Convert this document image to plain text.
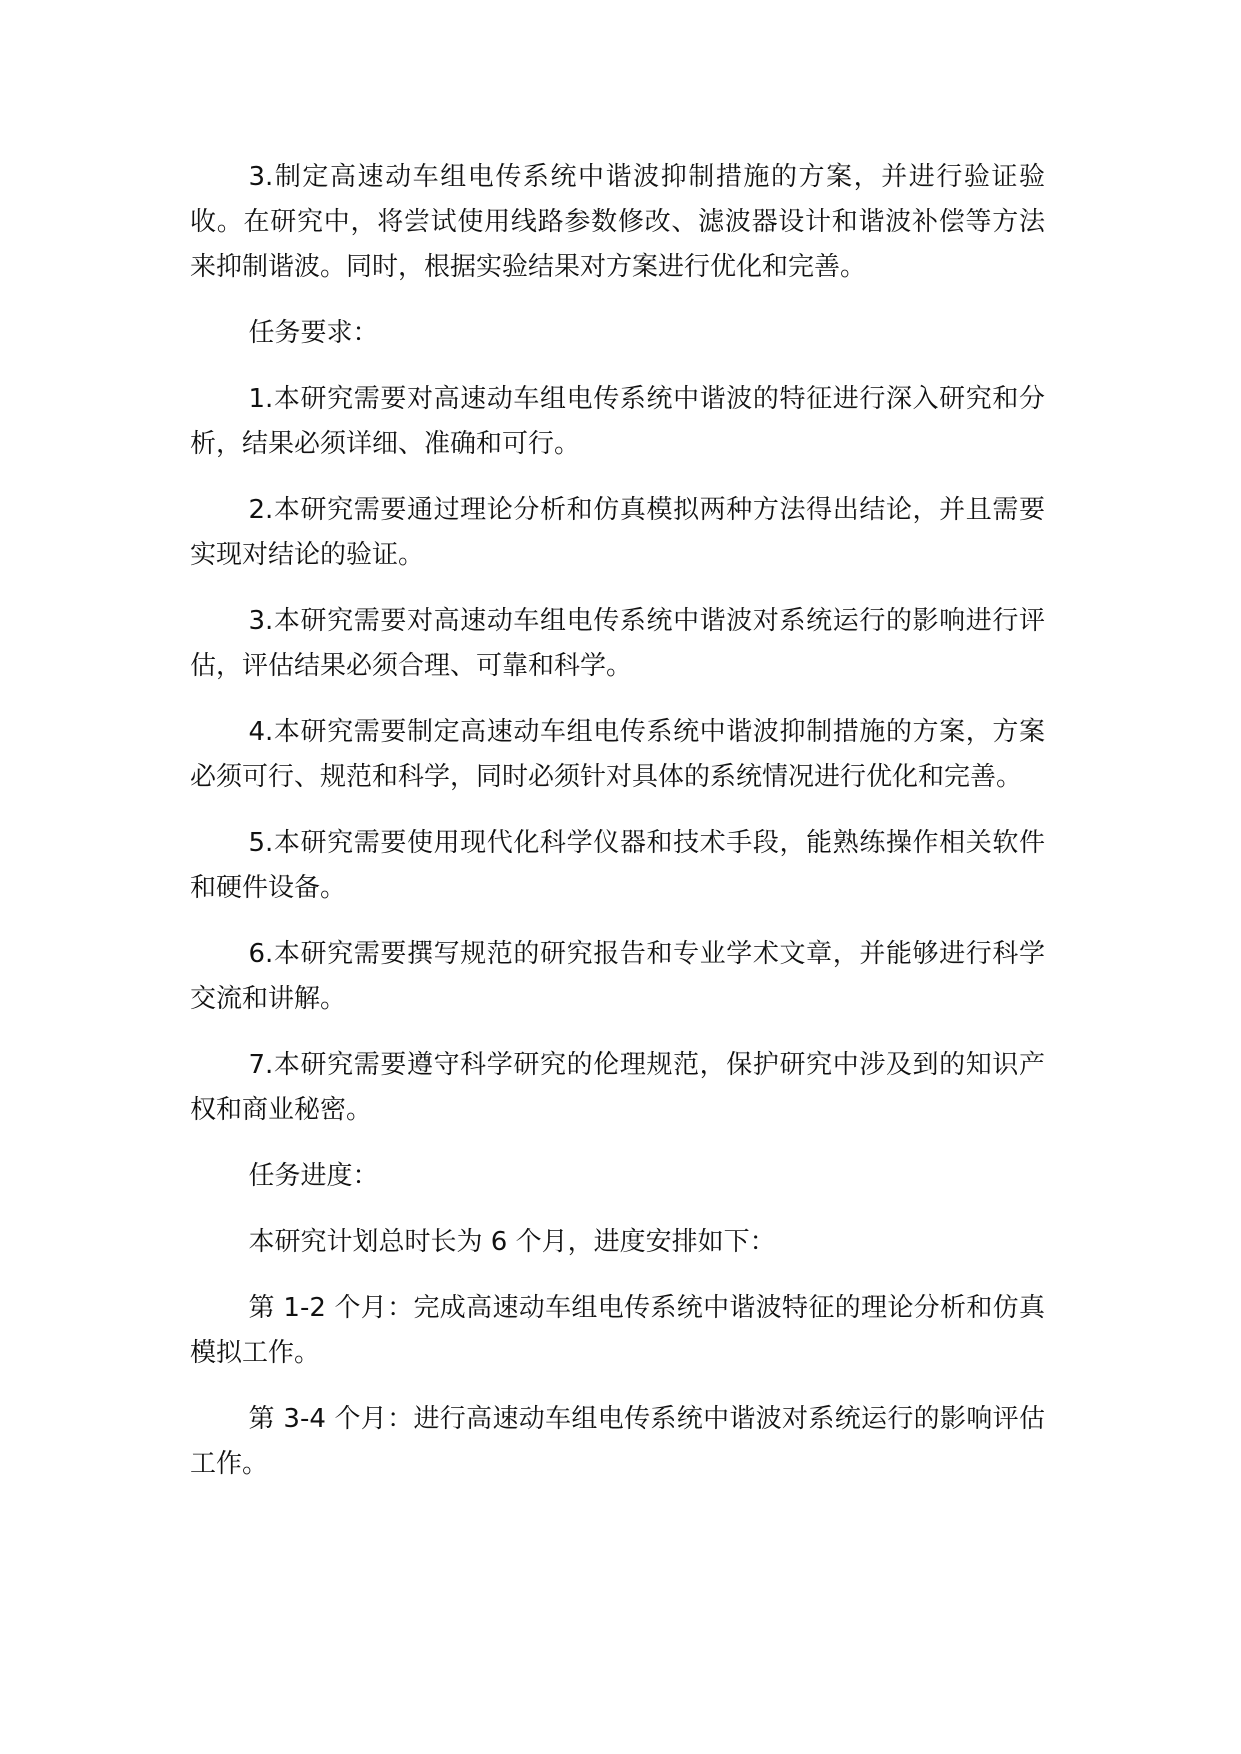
3.制定高速动车组电传系统中谐波抑制措施的方案，并进行验证验收。在研究中，将尝试使用线路参数修改、滤波器设计和谐波补偿等方法来抑制谐波。同时，根据实验结果对方案进行优化和完善。

任务要求：

1.本研究需要对高速动车组电传系统中谐波的特征进行深入研究和分析，结果必须详细、准确和可行。

2.本研究需要通过理论分析和仿真模拟两种方法得出结论，并且需要实现对结论的验证。

3.本研究需要对高速动车组电传系统中谐波对系统运行的影响进行评估，评估结果必须合理、可靠和科学。

4.本研究需要制定高速动车组电传系统中谐波抑制措施的方案，方案必须可行、规范和科学，同时必须针对具体的系统情况进行优化和完善。

5.本研究需要使用现代化科学仪器和技术手段，能熟练操作相关软件和硬件设备。

6.本研究需要撰写规范的研究报告和专业学术文章，并能够进行科学交流和讲解。

7.本研究需要遵守科学研究的伦理规范，保护研究中涉及到的知识产权和商业秘密。

任务进度：

本研究计划总时长为 6 个月，进度安排如下：

第 1-2 个月：完成高速动车组电传系统中谐波特征的理论分析和仿真模拟工作。

第 3-4 个月：进行高速动车组电传系统中谐波对系统运行的影响评估工作。
